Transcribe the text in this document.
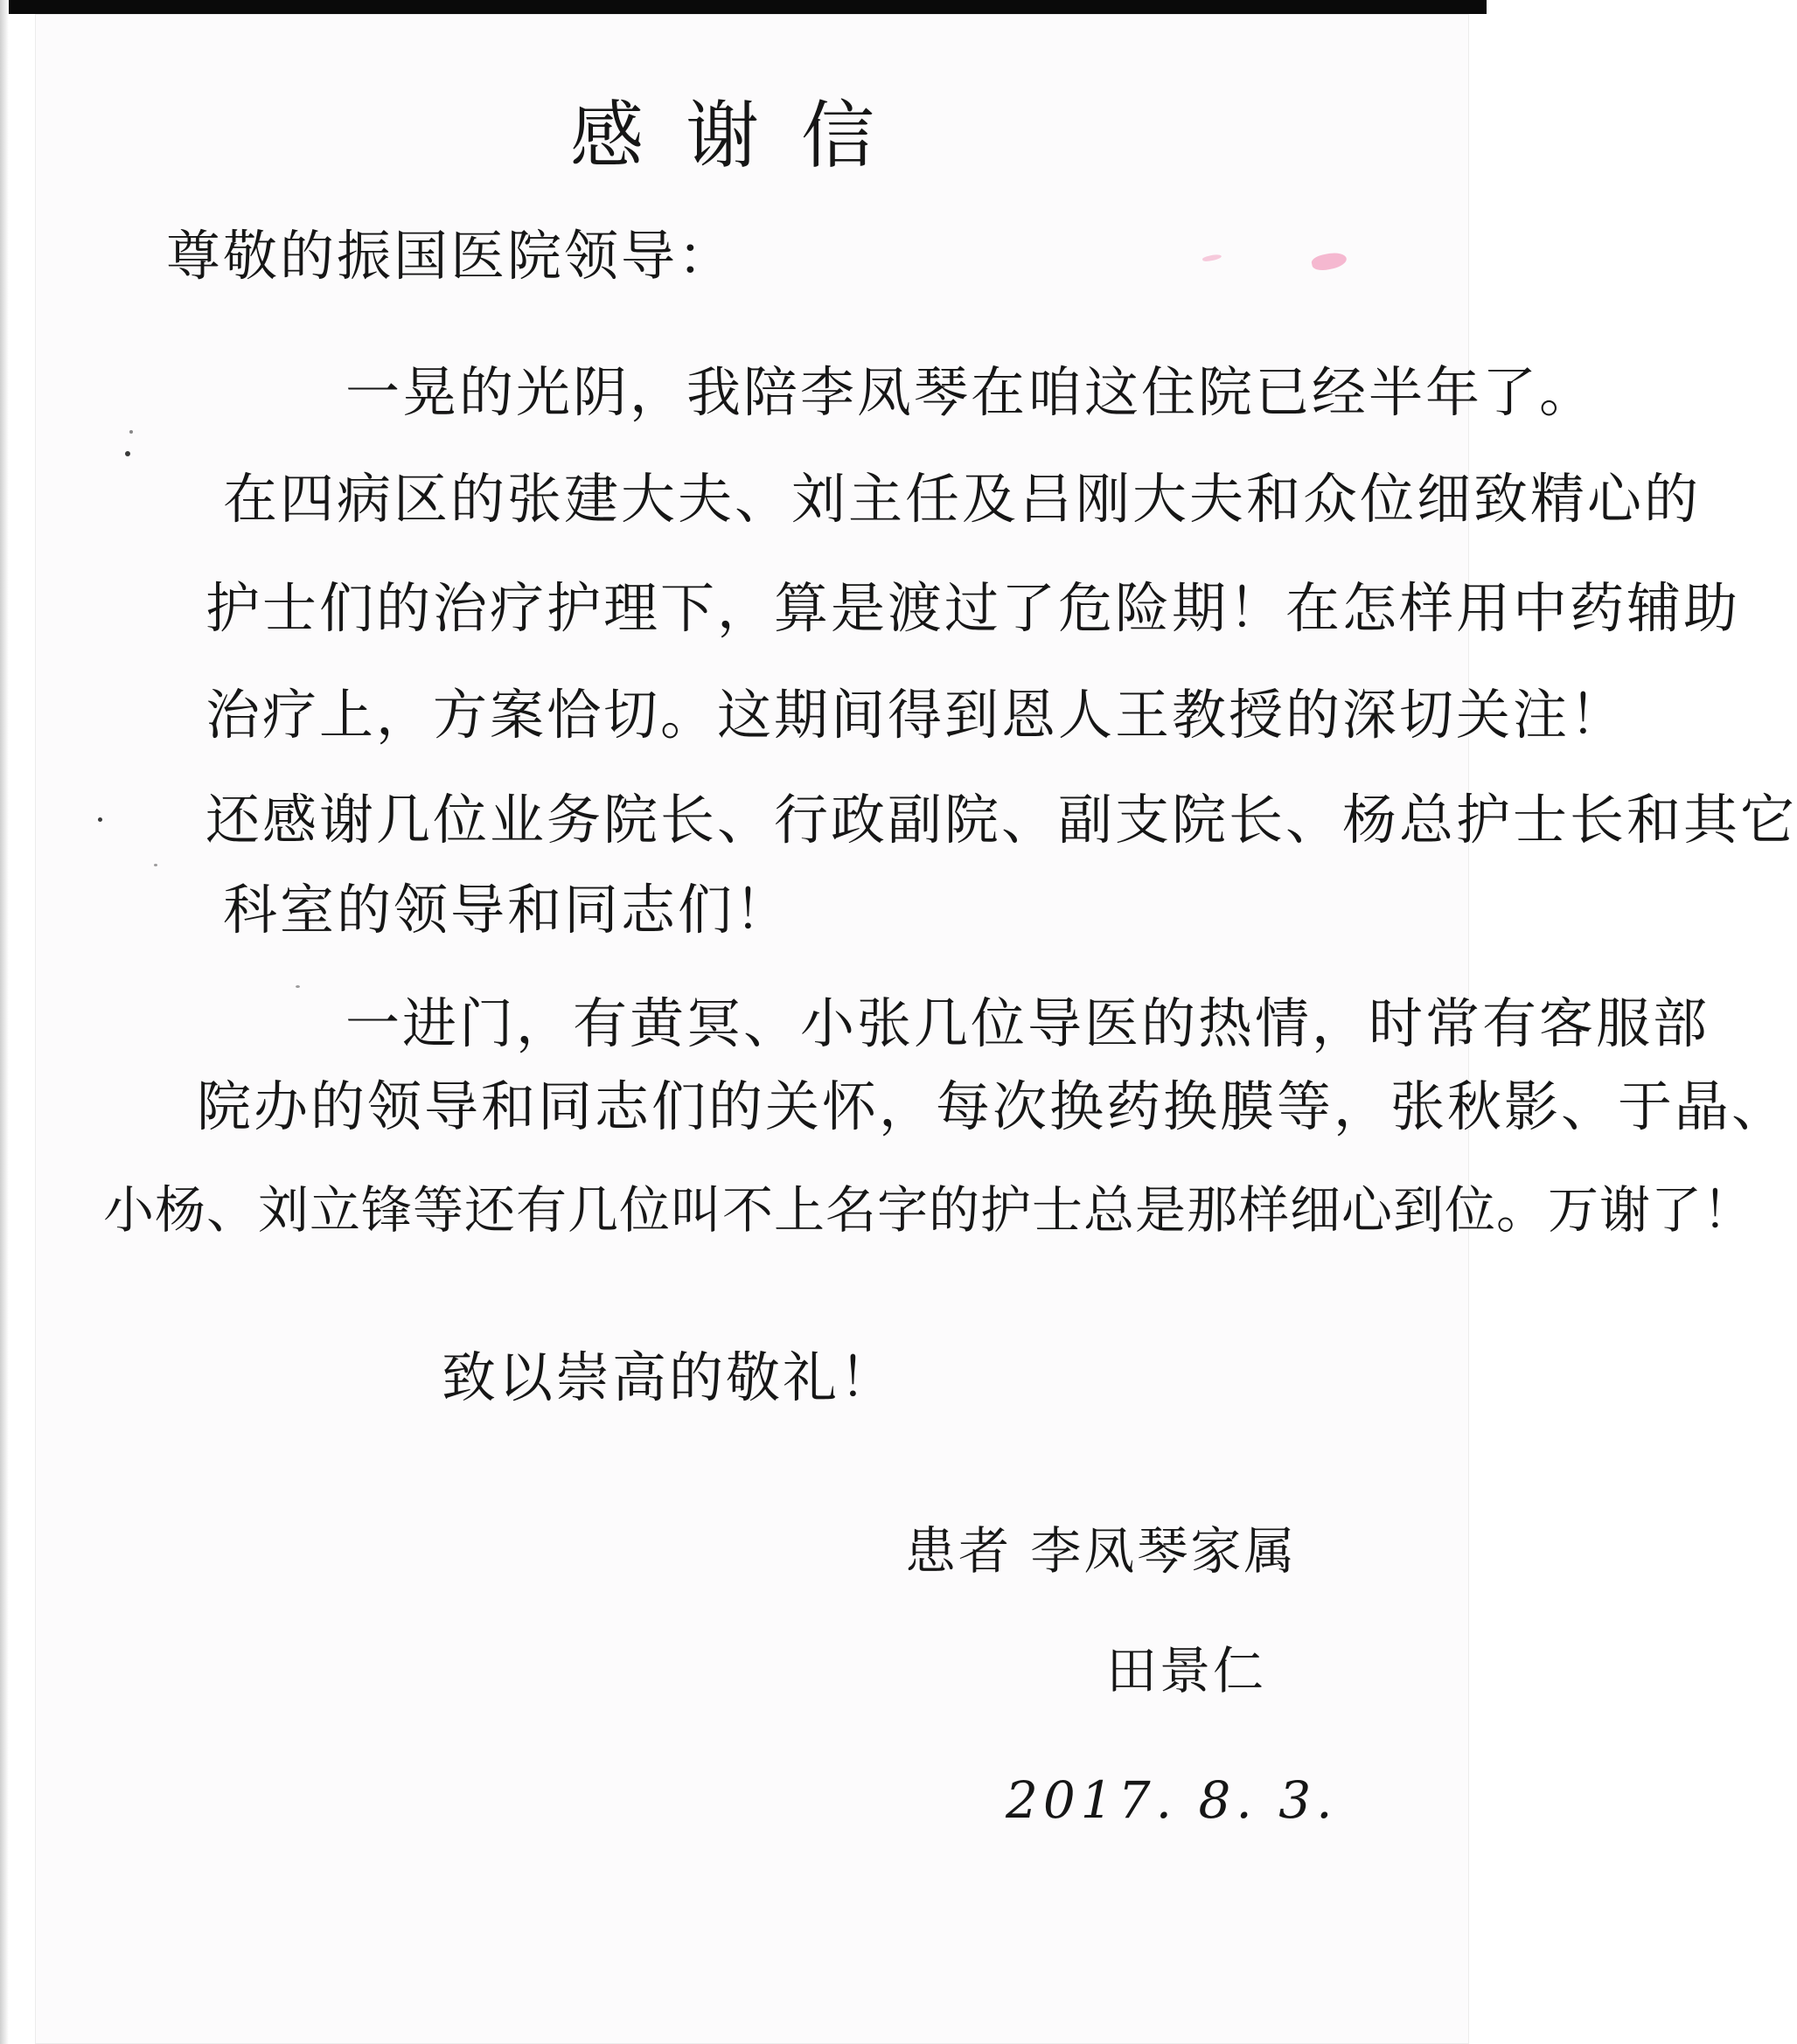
感谢信
尊敬的振国医院领导：
一晃的光阴，我陪李凤琴在咱这住院已经半年了。
在四病区的张建大夫、刘主任及吕刚大夫和众位细致精心的
护士们的治疗护理下，算是渡过了危险期！在怎样用中药辅助
治疗上，方案恰切。这期间得到恩人王教授的深切关注！
还感谢几位业务院长、行政副院、副支院长、杨总护士长和其它
科室的领导和同志们！
一进门，有黄冥、小张几位导医的热情，时常有客服部
院办的领导和同志们的关怀，每次换药换膜等，张秋影、于晶、
小杨、刘立锋等还有几位叫不上名字的护士总是那样细心到位。万谢了！
致以崇高的敬礼！
患者 李凤琴家属
田景仁
2017. 8. 3.
